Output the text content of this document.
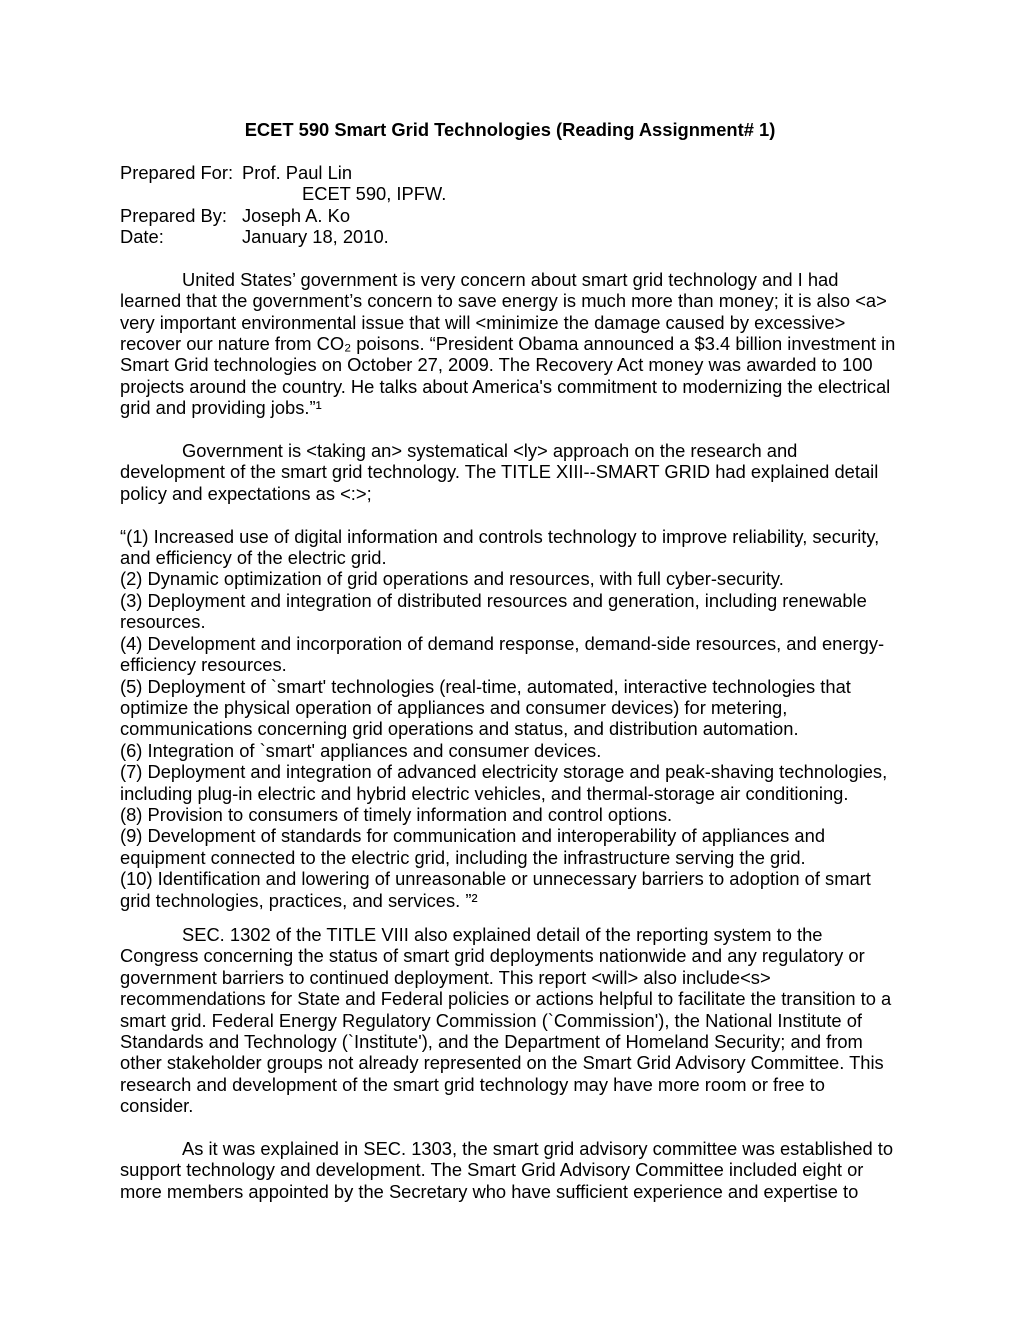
ECET 590 Smart Grid Technologies (Reading Assignment# 1)
Prepared For: Prof. Paul Lin
ECET 590, IPFW.
Prepared By: Joseph A. Ko
Date:	January 18, 2010.

United States’ government is very concern about smart grid technology and I had learned that the government’s concern to save energy is much more than money; it is also <a> very important environmental issue that will <minimize the damage caused by excessive> recover our nature from CO₂ poisons. “President Obama announced a $3.4 billion investment in Smart Grid technologies on October 27, 2009. The Recovery Act money was awarded to 100 projects around the country. He talks about America's commitment to modernizing the electrical grid and providing jobs.”¹

Government is <taking an> systematical <ly> approach on the research and development of the smart grid technology. The TITLE XIII--SMART GRID had explained detail policy and expectations as <:>;

“(1) Increased use of digital information and controls technology to improve reliability, security, and efficiency of the electric grid.
(2) Dynamic optimization of grid operations and resources, with full cyber-security.
(3) Deployment and integration of distributed resources and generation, including renewable resources.
(4) Development and incorporation of demand response, demand-side resources, and energy-efficiency resources.
(5) Deployment of `smart' technologies (real-time, automated, interactive technologies that optimize the physical operation of appliances and consumer devices) for metering, communications concerning grid operations and status, and distribution automation.
(6) Integration of `smart' appliances and consumer devices.
(7) Deployment and integration of advanced electricity storage and peak-shaving technologies, including plug-in electric and hybrid electric vehicles, and thermal-storage air conditioning.
(8) Provision to consumers of timely information and control options.
(9) Development of standards for communication and interoperability of appliances and equipment connected to the electric grid, including the infrastructure serving the grid.
(10) Identification and lowering of unreasonable or unnecessary barriers to adoption of smart grid technologies, practices, and services. ”²

SEC. 1302 of the TITLE VIII also explained detail of the reporting system to the Congress concerning the status of smart grid deployments nationwide and any regulatory or government barriers to continued deployment. This report <will> also include<s> recommendations for State and Federal policies or actions helpful to facilitate the transition to a smart grid. Federal Energy Regulatory Commission (`Commission'), the National Institute of Standards and Technology (`Institute'), and the Department of Homeland Security; and from other stakeholder groups not already represented on the Smart Grid Advisory Committee. This research and development of the smart grid technology may have more room or free to consider.

As it was explained in SEC. 1303, the smart grid advisory committee was established to support technology and development. The Smart Grid Advisory Committee included eight or more members appointed by the Secretary who have sufficient experience and expertise to
